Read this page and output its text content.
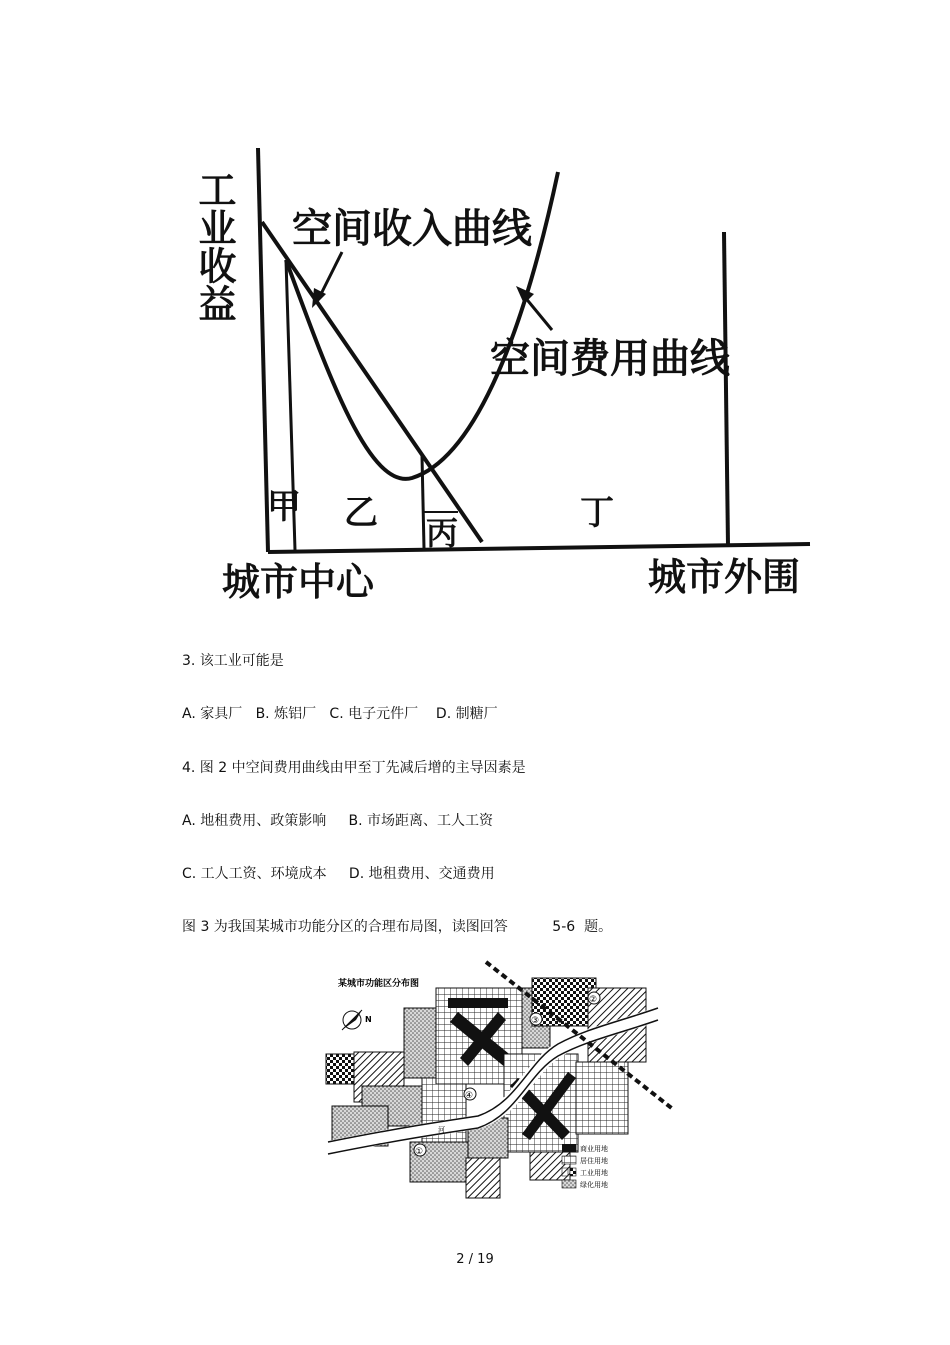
工业收益 空间收入曲线
空间费用曲线
甲 乙 丙	丁
城市中心	城市外围
3. 该工业可能是
A. 家具厂   B. 炼铝厂   C. 电子元件厂    D. 制糖厂
4. 图 2 中空间费用曲线由甲至丁先减后增的主导因素是
A. 地租费用、政策影响     B. 市场距离、工人工资
C. 工人工资、环境成本     D. 地租费用、交通费用
图 3 为我国某城市功能分区的合理布局图，读图回答          5-6  题。
某城市功能区分布图
N
河
①
②
③
④
商业用地
居住用地
工业用地
绿化用地
2 / 19
